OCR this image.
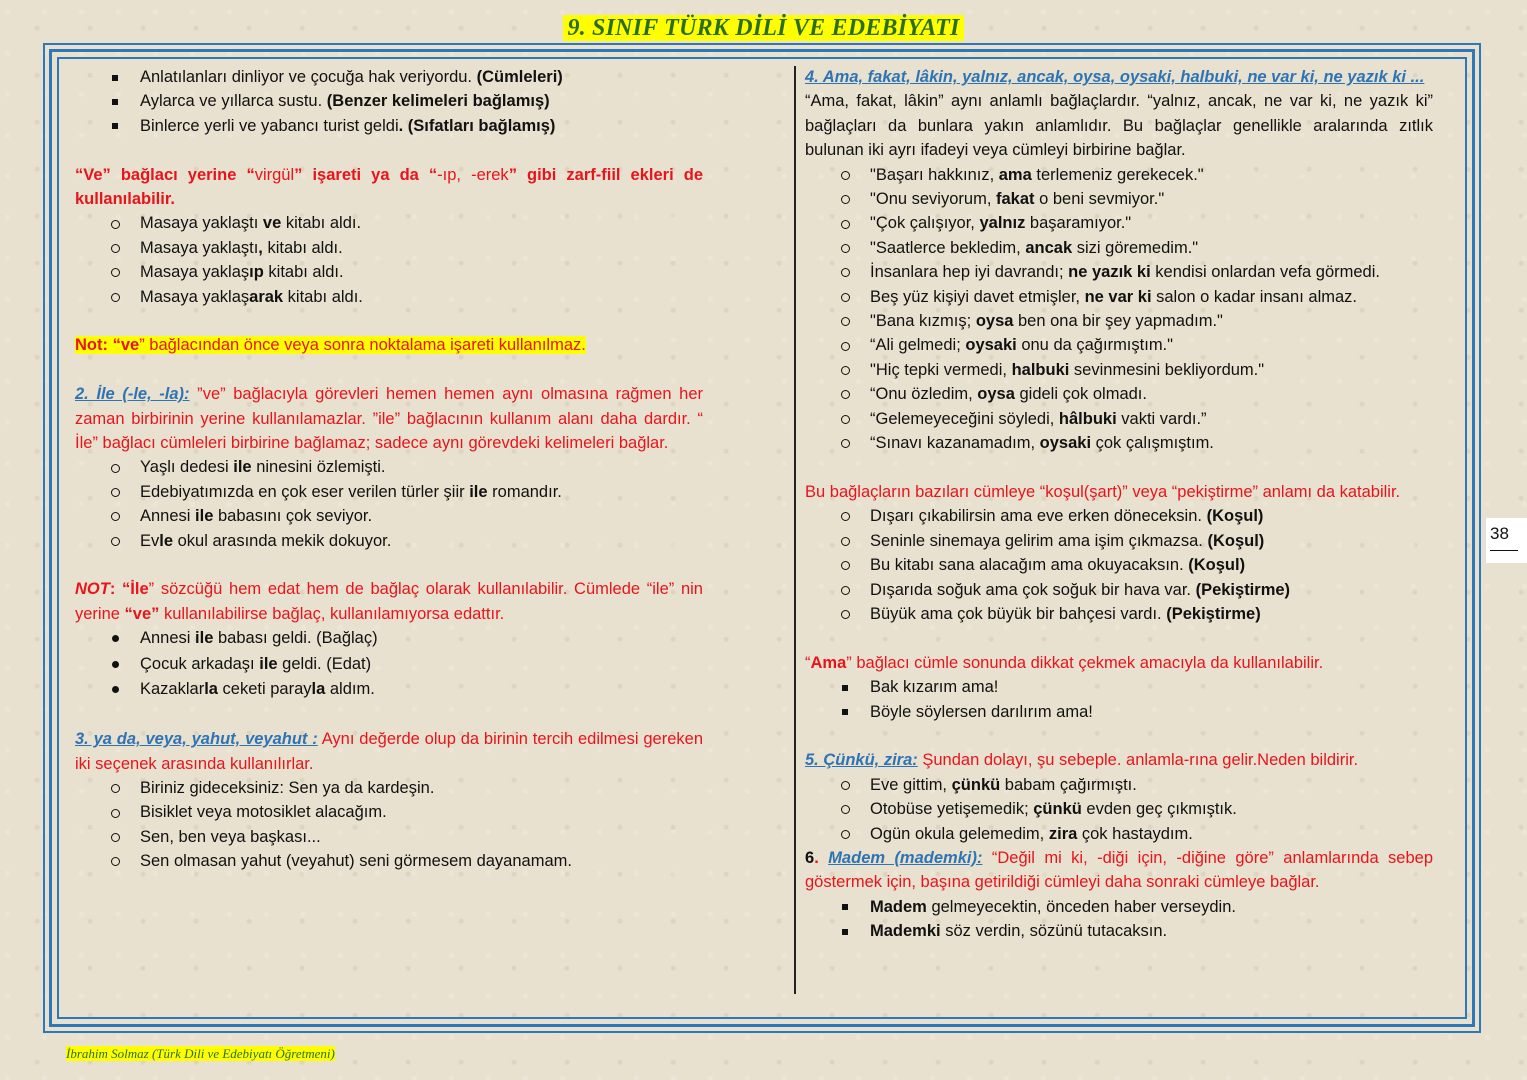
9. SINIF TÜRK DİLİ VE EDEBİYATI
Anlatılanları dinliyor ve çocuğa hak veriyordu. (Cümleleri)
Aylarca ve yıllarca sustu. (Benzer kelimeleri bağlamış)
Binlerce yerli ve yabancı turist geldi. (Sıfatları bağlamış)

“Ve” bağlacı yerine “virgül” işareti ya da “-ıp, -erek” gibi zarf-fiil ekleri de kullanılabilir.

Masaya yaklaştı ve kitabı aldı.
Masaya yaklaştı, kitabı aldı.
Masaya yaklaşıp kitabı aldı.
Masaya yaklaşarak kitabı aldı.

Not: “ve” bağlacından önce veya sonra noktalama işareti kullanılmaz.

2. İle (-le, -la): ”ve” bağlacıyla görevleri hemen hemen aynı olmasına rağmen her zaman birbirinin yerine kullanılamazlar. ”ile” bağlacının kullanım alanı daha dardır. “ İle” bağlacı cümleleri birbirine bağlamaz; sadece aynı görevdeki kelimeleri bağlar.

Yaşlı dedesi ile ninesini özlemişti.
Edebiyatımızda en çok eser verilen türler şiir ile romandır.
Annesi ile babasını çok seviyor.
Evle okul arasında mekik dokuyor.

NOT: “İle” sözcüğü hem edat hem de bağlaç olarak kullanılabilir. Cümlede “ile” nin yerine “ve” kullanılabilirse bağlaç, kullanılamıyorsa edattır.

Annesi ile babası geldi. (Bağlaç)
Çocuk arkadaşı ile geldi. (Edat)
Kazaklarla ceketi parayla aldım.

3. ya da, veya, yahut, veyahut : Aynı değerde olup da birinin tercih edilmesi gereken iki seçenek arasında kullanılırlar.

Biriniz gideceksiniz: Sen ya da kardeşin.
Bisiklet veya motosiklet alacağım.
Sen, ben veya başkası...
Sen olmasan yahut (veyahut) seni görmesem dayanamam.

4. Ama, fakat, lâkin, yalnız, ancak, oysa, oysaki, halbuki, ne var ki, ne yazık ki ...

“Ama, fakat, lâkin” aynı anlamlı bağlaçlardır. “yalnız, ancak, ne var ki, ne yazık ki” bağlaçları da bunlara yakın anlamlıdır. Bu bağlaçlar genellikle aralarında zıtlık bulunan iki ayrı ifadeyi veya cümleyi birbirine bağlar.

"Başarı hakkınız, ama terlemeniz gerekecek."
"Onu seviyorum, fakat o beni sevmiyor."
"Çok çalışıyor, yalnız başaramıyor."
"Saatlerce bekledim, ancak sizi göremedim."
İnsanlara hep iyi davrandı; ne yazık ki kendisi onlardan vefa görmedi.
Beş yüz kişiyi davet etmişler, ne var ki salon o kadar insanı almaz.
"Bana kızmış; oysa ben ona bir şey yapmadım."
“Ali gelmedi; oysaki onu da çağırmıştım."
"Hiç tepki vermedi, halbuki sevinmesini bekliyordum."
“Onu özledim, oysa gideli çok olmadı.
“Gelemeyeceğini söyledi, hâlbuki vakti vardı.”
“Sınavı kazanamadım, oysaki çok çalışmıştım.

Bu bağlaçların bazıları cümleye “koşul(şart)” veya “pekiştirme” anlamı da katabilir.

Dışarı çıkabilirsin ama eve erken döneceksin. (Koşul)
Seninle sinemaya gelirim ama işim çıkmazsa. (Koşul)
Bu kitabı sana alacağım ama okuyacaksın. (Koşul)
Dışarıda soğuk ama çok soğuk bir hava var. (Pekiştirme)
Büyük ama çok büyük bir bahçesi vardı. (Pekiştirme)

“Ama” bağlacı cümle sonunda dikkat çekmek amacıyla da kullanılabilir.

Bak kızarım ama!
Böyle söylersen darılırım ama!

5. Çünkü, zira: Şundan dolayı, şu sebeple. anlamla-rına gelir.Neden bildirir.

Eve gittim, çünkü babam çağırmıştı.
Otobüse yetişemedik; çünkü evden geç çıkmıştık.
Ogün okula gelemedim, zira çok hastaydım.

6. Madem (mademki): “Değil mi ki, -diği için, -diğine göre” anlamlarında sebep göstermek için, başına getirildiği cümleyi daha sonraki cümleye bağlar.

Madem gelmeyecektin, önceden haber verseydin.
Mademki söz verdin, sözünü tutacaksın.
38
İbrahim Solmaz (Türk Dili ve Edebiyatı Öğretmeni)
